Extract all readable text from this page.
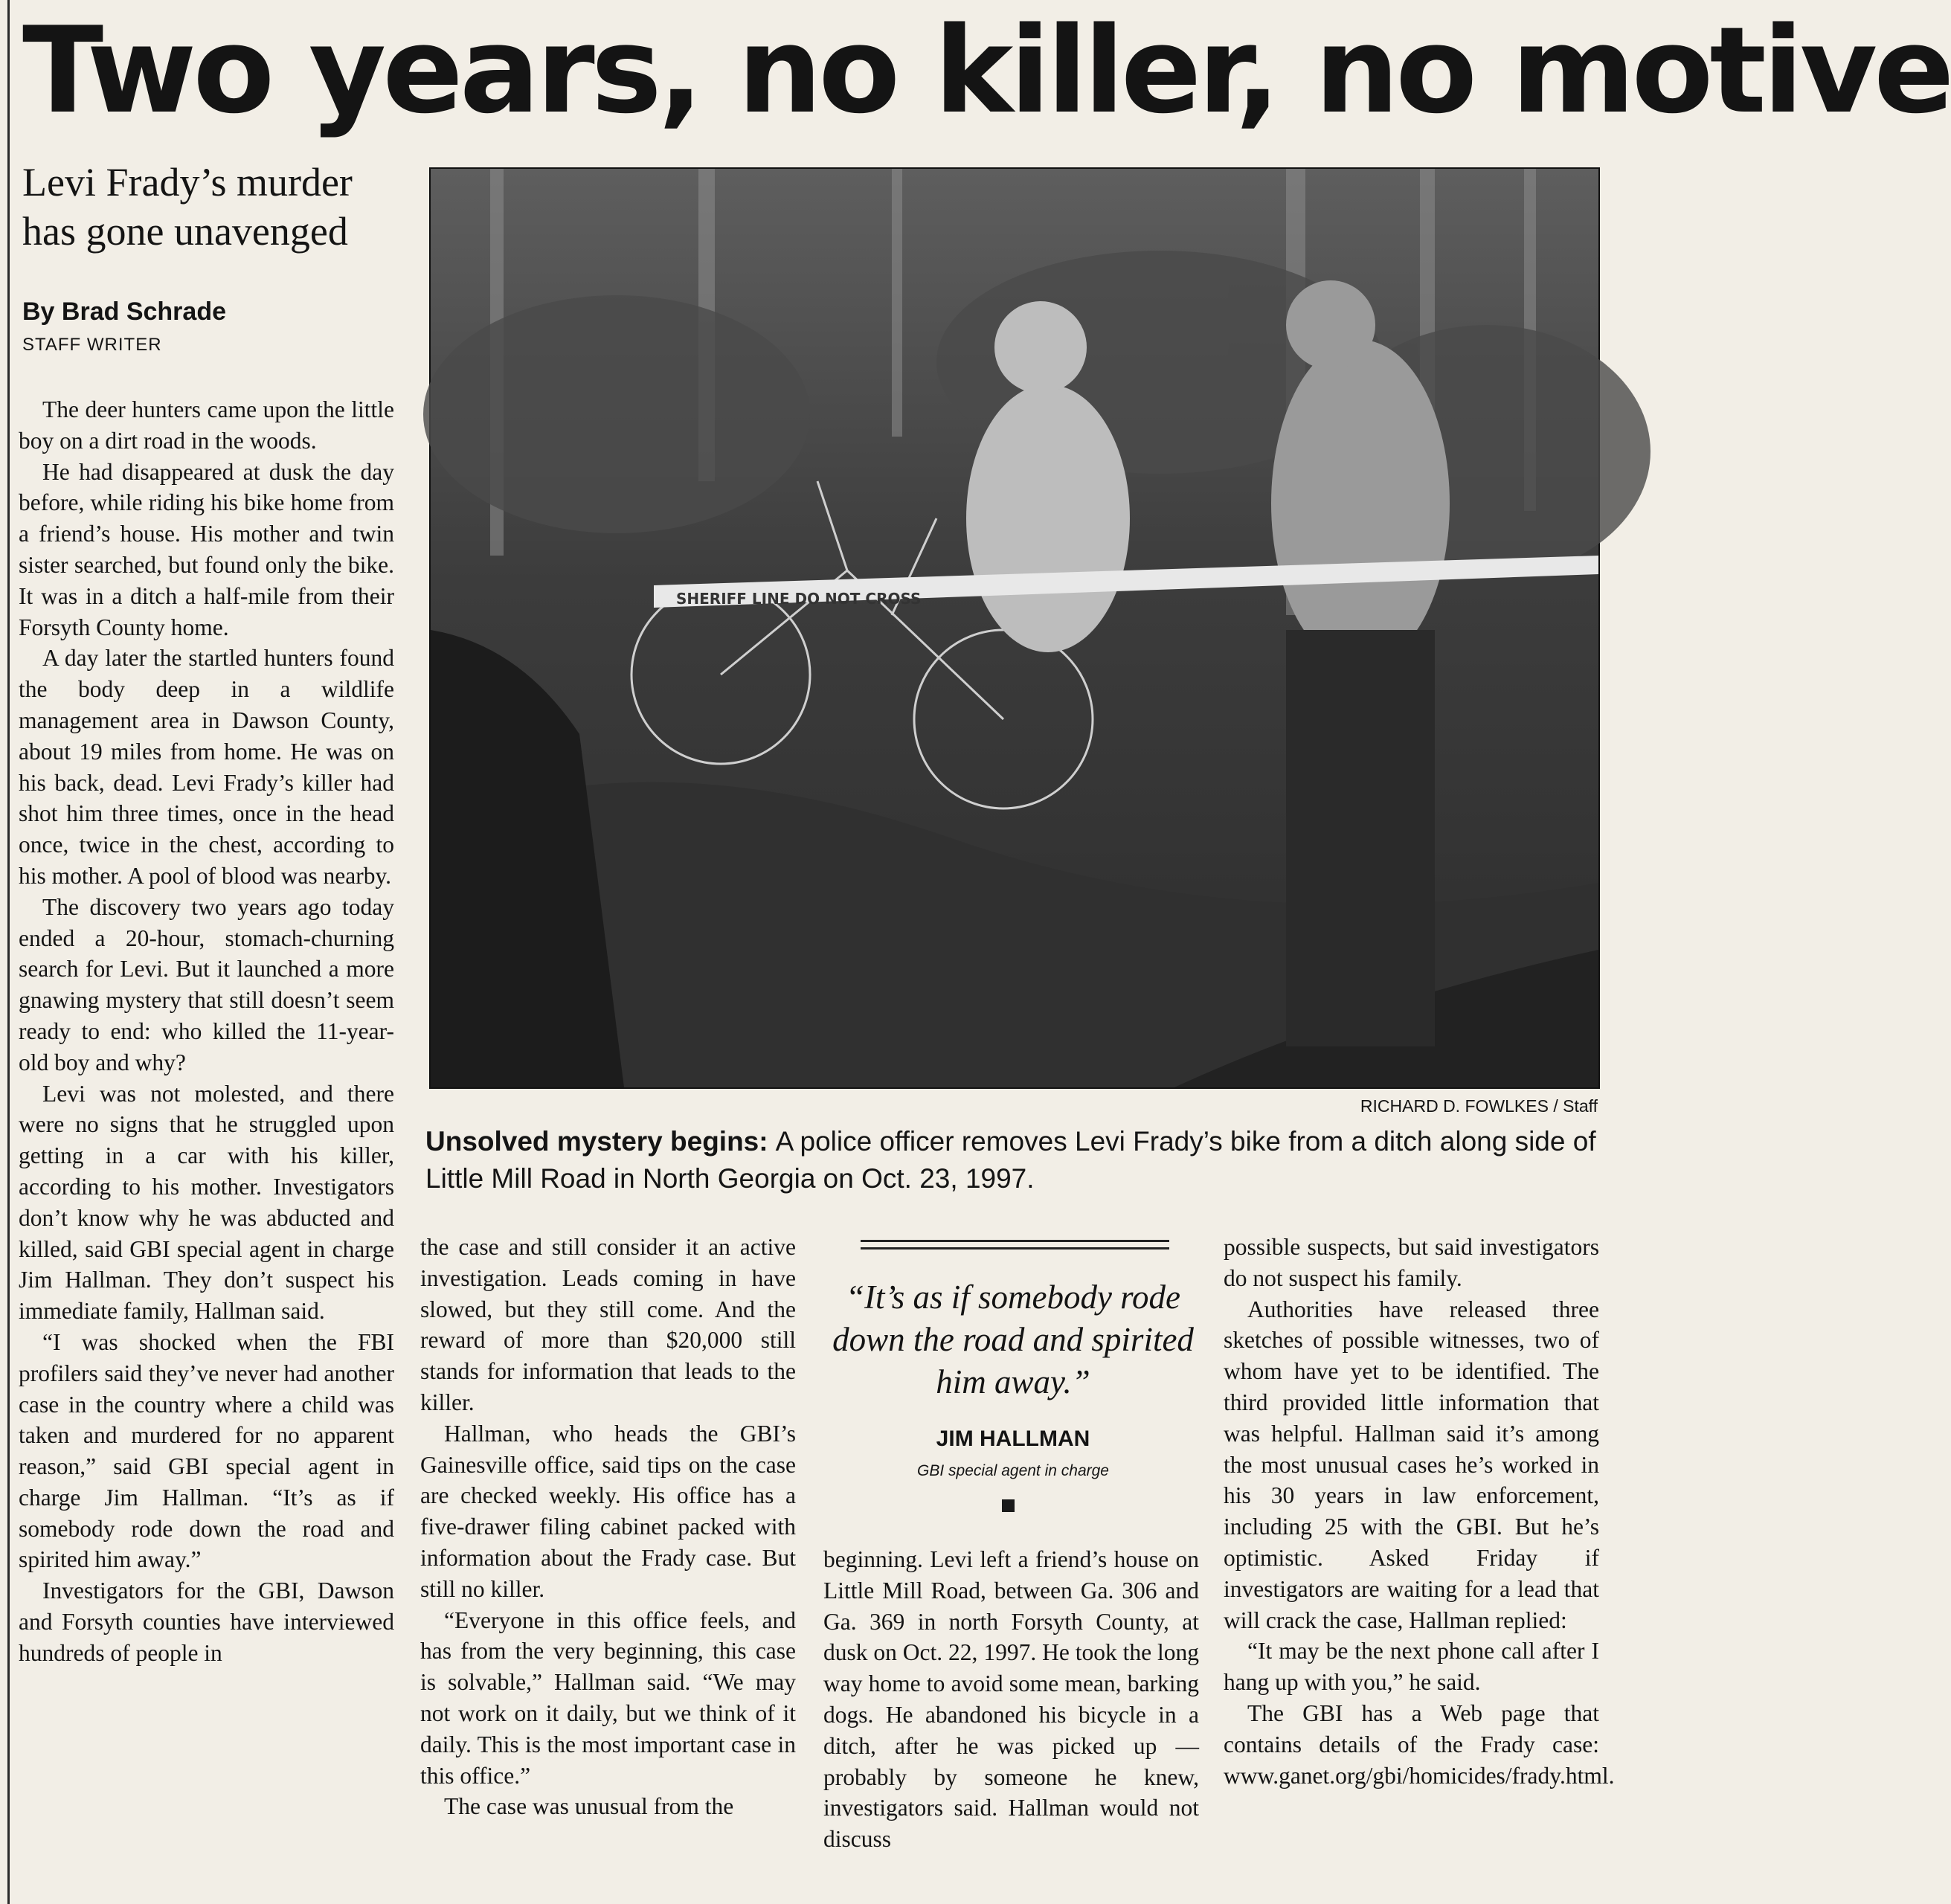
Two years, no killer, no motive
Levi Frady’s murder has gone unavenged
By Brad Schrade
STAFF WRITER

The deer hunters came upon the little boy on a dirt road in the woods.

He had disappeared at dusk the day before, while riding his bike home from a friend’s house. His mother and twin sister searched, but found only the bike. It was in a ditch a half-mile from their Forsyth County home.

A day later the startled hunters found the body deep in a wildlife management area in Dawson County, about 19 miles from home. He was on his back, dead. Levi Frady’s killer had shot him three times, once in the head once, twice in the chest, according to his mother. A pool of blood was nearby.

The discovery two years ago today ended a 20-hour, stomach-churning search for Levi. But it launched a more gnawing mystery that still doesn’t seem ready to end: who killed the 11-year-old boy and why?

Levi was not molested, and there were no signs that he struggled upon getting in a car with his killer, according to his mother. Investigators don’t know why he was abducted and killed, said GBI special agent in charge Jim Hallman. They don’t suspect his immediate family, Hallman said.

“I was shocked when the FBI profilers said they’ve never had another case in the country where a child was taken and murdered for no apparent reason,” said GBI special agent in charge Jim Hallman. “It’s as if somebody rode down the road and spirited him away.”

Investigators for the GBI, Dawson and Forsyth counties have interviewed hundreds of people in

SHERIFF LINE DO NOT CROSS
RICHARD D. FOWLKES / Staff
Unsolved mystery begins: A police officer removes Levi Frady’s bike from a ditch along side of Little Mill Road in North Georgia on Oct. 23, 1997.

the case and still consider it an active investigation. Leads coming in have slowed, but they still come. And the reward of more than $20,000 still stands for information that leads to the killer.

Hallman, who heads the GBI’s Gainesville office, said tips on the case are checked weekly. His office has a five-drawer filing cabinet packed with information about the Frady case. But still no killer.

“Everyone in this office feels, and has from the very beginning, this case is solvable,” Hallman said. “We may not work on it daily, but we think of it daily. This is the most important case in this office.”

The case was unusual from the

“It’s as if somebody rode down the road and spirited him away.”
JIM HALLMAN
GBI special agent in charge

beginning. Levi left a friend’s house on Little Mill Road, between Ga. 306 and Ga. 369 in north Forsyth County, at dusk on Oct. 22, 1997. He took the long way home to avoid some mean, barking dogs. He abandoned his bicycle in a ditch, after he was picked up — probably by someone he knew, investigators said. Hallman would not discuss

possible suspects, but said investigators do not suspect his family.

Authorities have released three sketches of possible witnesses, two of whom have yet to be identified. The third provided little information that was helpful. Hallman said it’s among the most unusual cases he’s worked in his 30 years in law enforcement, including 25 with the GBI. But he’s optimistic. Asked Friday if investigators are waiting for a lead that will crack the case, Hallman replied:

“It may be the next phone call after I hang up with you,” he said.

The GBI has a Web page that contains details of the Frady case: www.ganet.org/gbi/homicides/frady.html.
